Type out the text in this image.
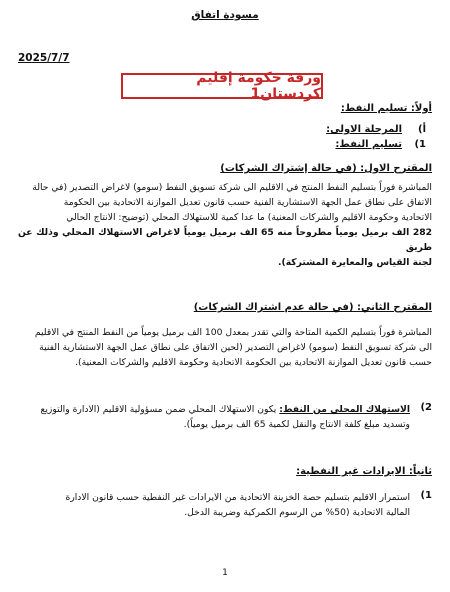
مسودة اتفاق
2025/7/7
ورقة حكومة إقليم كردستان1
أولاً: تسليم النفط:
أ)
المرحلة الاولى:
1)
تسليم النفط:
المقترح الاول: (في حالة إشتراك الشركات)
المباشرة فوراً بتسليم النفط المنتج في الاقليم الى شركة تسويق النفط (سومو) لاغراض التصدير (في حالة
الاتفاق على نطاق عمل الجهة الاستشارية الفنية حسب قانون تعديل الموازنة الاتحادية بين الحكومة
الاتحادية وحكومة الاقليم والشركات المعنية) ما عدا كمية للاستهلاك المحلي (توضيح: الانتاج الحالي
282 الف برميل يومياً مطروحاً منه 65 الف برميل يومياً لاغراض الاستهلاك المحلي وذلك عن طريق
لجنة القياس والمعايرة المشتركة).
المقترح الثاني: (في حالة عدم اشتراك الشركات)
المباشرة فوراً بتسليم الكمية المتاحة والتي تقدر بمعدل 100 الف برميل يومياً من النفط المنتج في الاقليم
الى شركة تسويق النفط (سومو) لاغراض التصدير (لحين الاتفاق على نطاق عمل الجهة الاستشارية الفنية
حسب قانون تعديل الموازنة الاتحادية بين الحكومة الاتحادية وحكومة الاقليم والشركات المعنية).
2)
الاستهلاك المحلي من النفط: يكون الاستهلاك المحلي ضمن مسؤولية الاقليم (الادارة والتوزيع
وتسديد مبلغ كلفة الانتاج والنقل لكمية 65 الف برميل يومياً).
ثانياً: الايرادات غير النفطية:
1)
استمرار الاقليم بتسليم حصة الخزينة الاتحادية من الايرادات غير النفطية حسب قانون الادارة
المالية الاتحادية (50% من الرسوم الكمركية وضريبة الدخل.
1
